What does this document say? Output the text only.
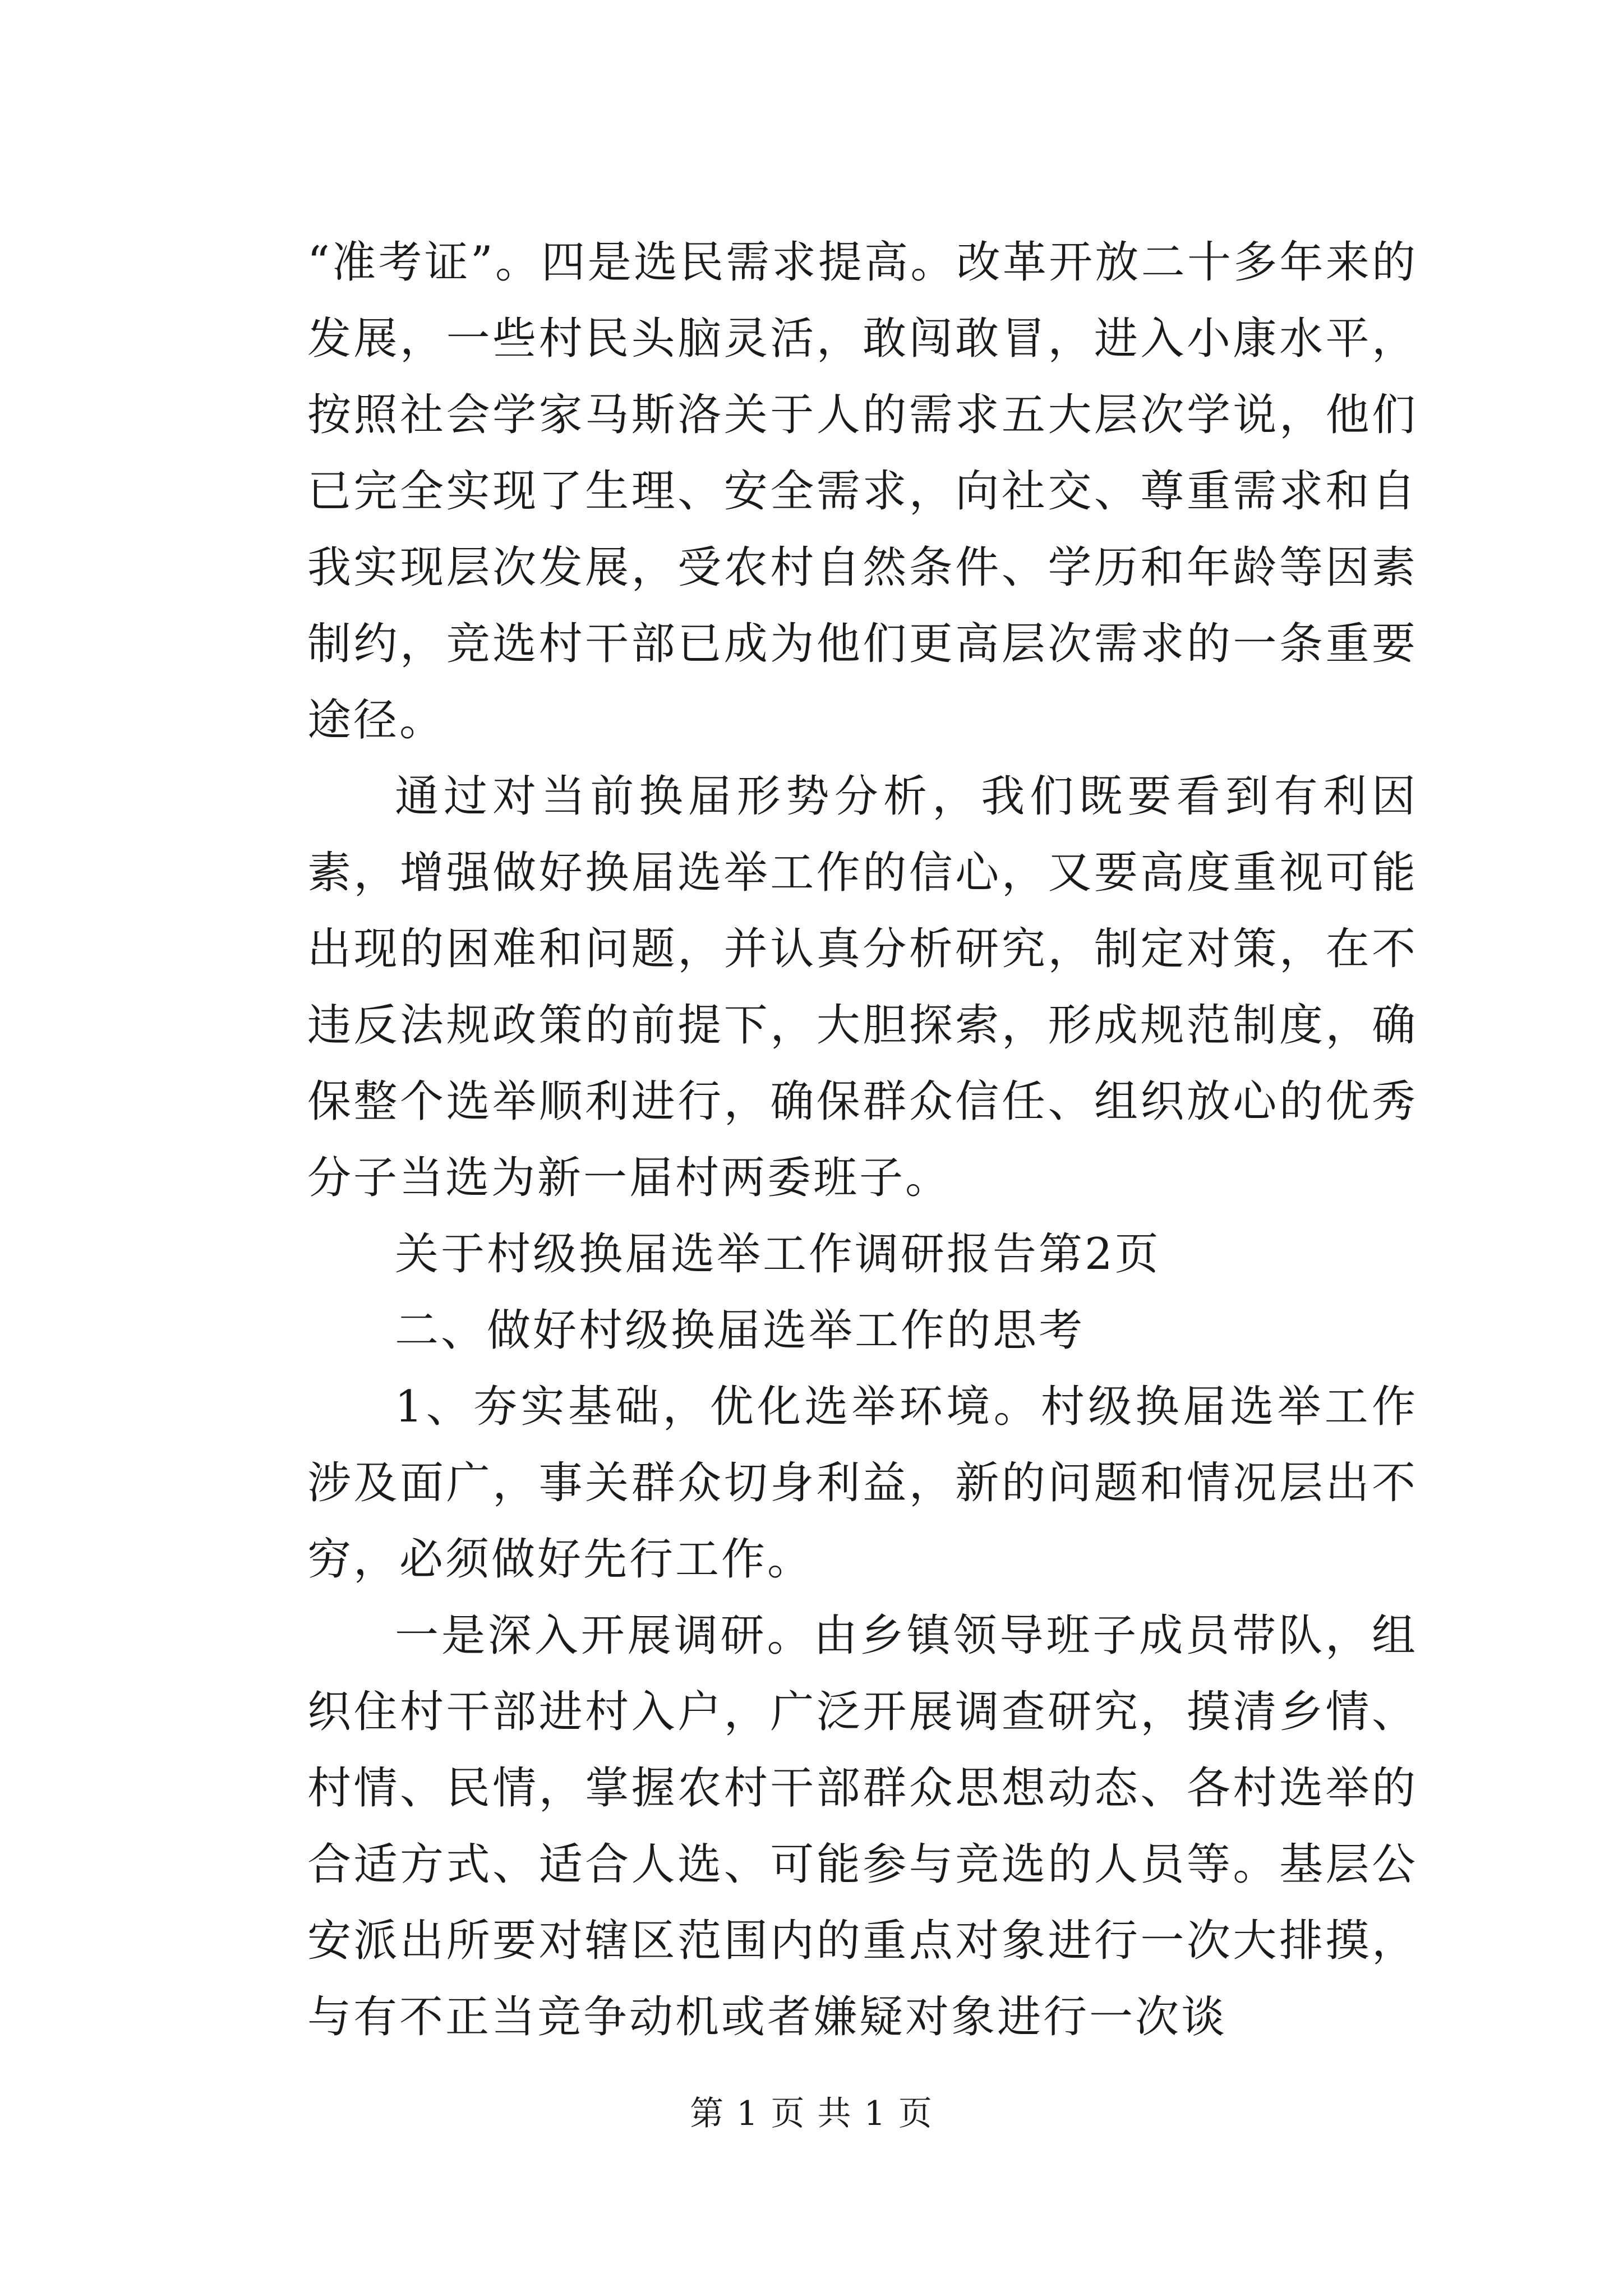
“准考证”。四是选民需求提高。改革开放二十多年来的发展，一些村民头脑灵活，敢闯敢冒，进入小康水平，按照社会学家马斯洛关于人的需求五大层次学说，他们已完全实现了生理、安全需求，向社交、尊重需求和自我实现层次发展，受农村自然条件、学历和年龄等因素制约，竞选村干部已成为他们更高层次需求的一条重要途径。

通过对当前换届形势分析，我们既要看到有利因素，增强做好换届选举工作的信心，又要高度重视可能出现的困难和问题，并认真分析研究，制定对策，在不违反法规政策的前提下，大胆探索，形成规范制度，确保整个选举顺利进行，确保群众信任、组织放心的优秀分子当选为新一届村两委班子。

关于村级换届选举工作调研报告第2页

二、做好村级换届选举工作的思考

1、夯实基础，优化选举环境。村级换届选举工作涉及面广，事关群众切身利益，新的问题和情况层出不穷，必须做好先行工作。

一是深入开展调研。由乡镇领导班子成员带队，组织住村干部进村入户，广泛开展调查研究，摸清乡情、村情、民情，掌握农村干部群众思想动态、各村选举的合适方式、适合人选、可能参与竞选的人员等。基层公安派出所要对辖区范围内的重点对象进行一次大排摸，与有不正当竞争动机或者嫌疑对象进行一次谈

第 1 页 共 1 页
